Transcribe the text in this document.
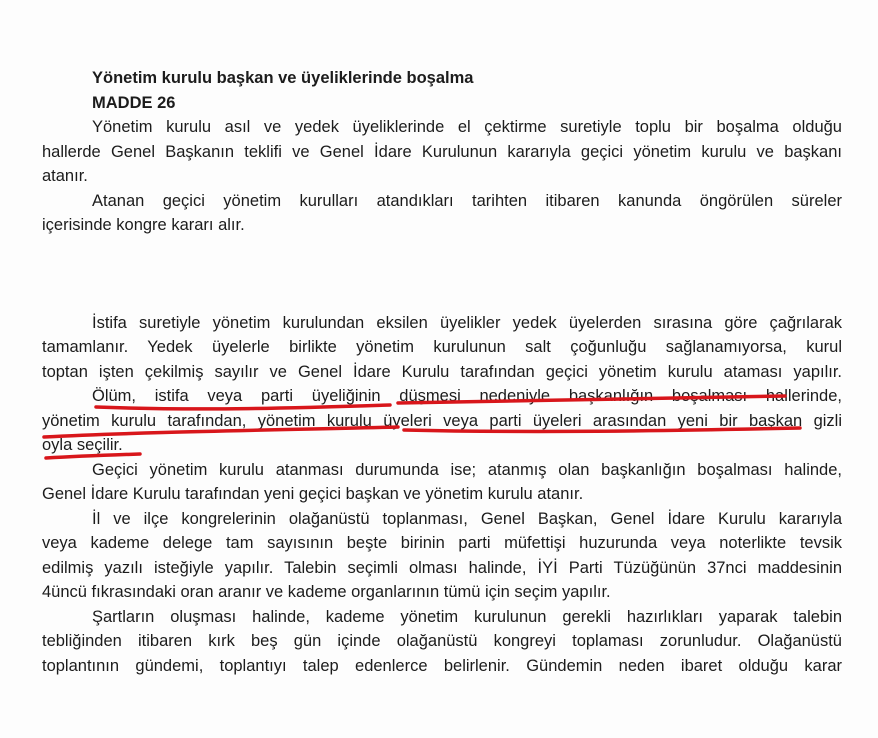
Yönetim kurulu başkan ve üyeliklerinde boşalma

MADDE 26

Yönetim kurulu asıl ve yedek üyeliklerinde el çektirme suretiyle toplu bir boşalma olduğu
hallerde Genel Başkanın teklifi ve Genel İdare Kurulunun kararıyla geçici yönetim kurulu ve başkanı
atanır.
Atanan geçici yönetim kurulları atandıkları tarihten itibaren kanunda öngörülen süreler
içerisinde kongre kararı alır.
İstifa suretiyle yönetim kurulundan eksilen üyelikler yedek üyelerden sırasına göre çağrılarak
tamamlanır. Yedek üyelerle birlikte yönetim kurulunun salt çoğunluğu sağlanamıyorsa, kurul
toptan işten çekilmiş sayılır ve Genel İdare Kurulu tarafından geçici yönetim kurulu ataması yapılır.
Ölüm, istifa veya parti üyeliğinin düşmesi nedeniyle başkanlığın boşalması hallerinde,
yönetim kurulu tarafından, yönetim kurulu üyeleri veya parti üyeleri arasından yeni bir başkan gizli
oyla seçilir.
Geçici yönetim kurulu atanması durumunda ise; atanmış olan başkanlığın boşalması halinde,
Genel İdare Kurulu tarafından yeni geçici başkan ve yönetim kurulu atanır.
İl ve ilçe kongrelerinin olağanüstü toplanması, Genel Başkan, Genel İdare Kurulu kararıyla
veya kademe delege tam sayısının beşte birinin parti müfettişi huzurunda veya noterlikte tevsik
edilmiş yazılı isteğiyle yapılır. Talebin seçimli olması halinde, İYİ Parti Tüzüğünün 37nci maddesinin
4üncü fıkrasındaki oran aranır ve kademe organlarının tümü için seçim yapılır.
Şartların oluşması halinde, kademe yönetim kurulunun gerekli hazırlıkları yaparak talebin
tebliğinden itibaren kırk beş gün içinde olağanüstü kongreyi toplaması zorunludur. Olağanüstü
toplantının gündemi, toplantıyı talep edenlerce belirlenir. Gündemin neden ibaret olduğu karar
